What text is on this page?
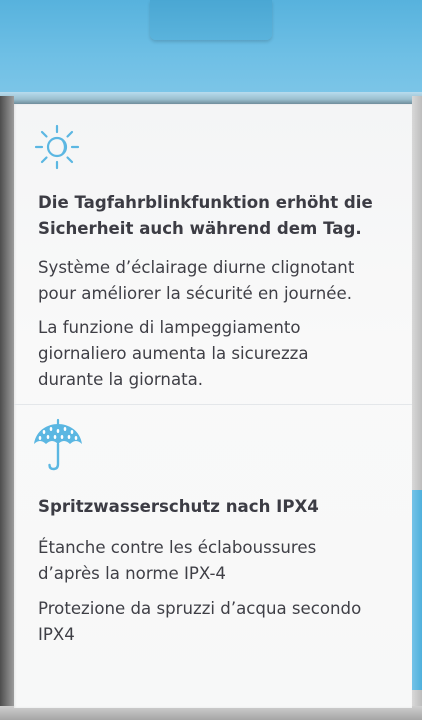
Die Tagfahrblinkfunktion erhöht die Sicherheit auch während dem Tag.
Système d’éclairage diurne clignotant pour améliorer la sécurité en journée.
La funzione di lampeggiamento giornaliero aumenta la sicurezza durante la giornata.
Spritzwasserschutz nach IPX4
Étanche contre les éclaboussures d’après la norme IPX-4
Protezione da spruzzi d’acqua secondo IPX4
